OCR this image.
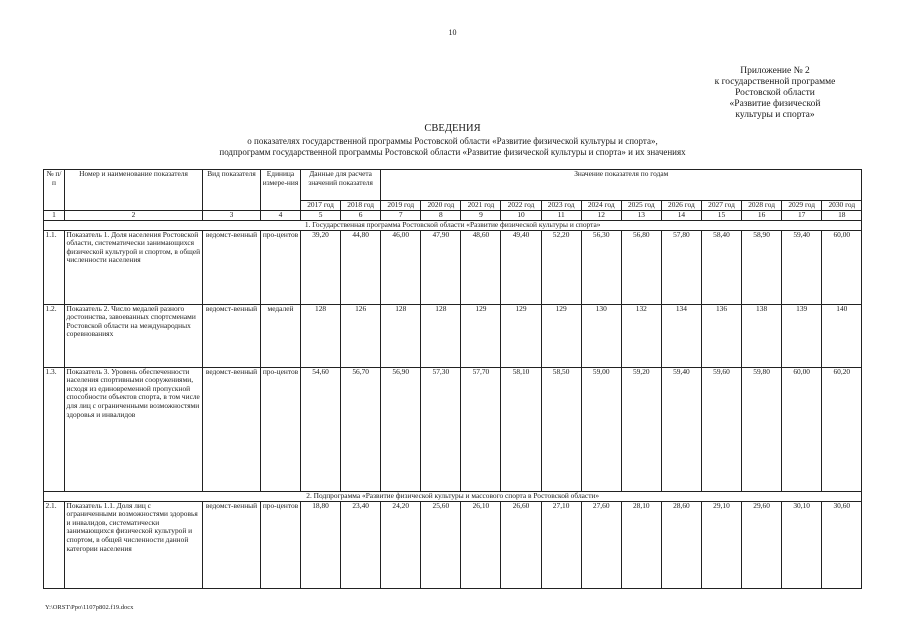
10
Приложение № 2
к государственной программе
Ростовской области
«Развитие физической
культуры и спорта»
СВЕДЕНИЯ
о показателях государственной программы Ростовской области «Развитие физической культуры и спорта»,
подпрограмм государственной программы Ростовской области «Развитие физической культуры и спорта» и их значениях
№ п/п	Номер и наименование показателя	Вид показателя	Единица измере-ния	Данные для расчета значений показателя		Значение показателя по годам											
				2017 год	2018 год	2019 год	2020 год	2021 год	2022 год	2023 год	2024 год	2025 год	2026 год	2027 год	2028 год	2029 год	2030 год
1	2	3	4	5	6	7	8	9	10	11	12	13	14	15	16	17	18
1. Государственная программа Ростовской области «Развитие физической культуры и спорта»																	
1.1.	Показатель 1. Доля населения Ростовской области, систематически занимающихся физической культурой и спортом, в общей численности населения	ведомст-венный	про-центов	39,20	44,80	46,00	47,90	48,60	49,40	52,20	56,30	56,80	57,80	58,40	58,90	59,40	60,00
1.2.	Показатель 2. Число медалей разного достоинства, завоеванных спортсменами Ростовской области на международных соревнованиях	ведомст-венный	медалей	128	126	128	128	129	129	129	130	132	134	136	138	139	140
1.3.	Показатель 3. Уровень обеспеченности населения спортивными сооружениями, исходя из единовременной пропускной способности объектов спорта, в том числе для лиц с ограниченными возможностями здоровья и инвалидов	ведомст-венный	про-центов	54,60	56,70	56,90	57,30	57,70	58,10	58,50	59,00	59,20	59,40	59,60	59,80	60,00	60,20
2. Подпрограмма «Развитие физической культуры и массового спорта в Ростовской области»																	
2.1.	Показатель 1.1. Доля лиц с ограниченными возможностями здоровья и инвалидов, систематически занимающихся физической культурой и спортом, в общей численности данной категории населения	ведомст-венный	про-центов	18,80	23,40	24,20	25,60	26,10	26,60	27,10	27,60	28,10	28,60	29,10	29,60	30,10	30,60
Y:\ORST\Ppo\1107p802.f19.docx
